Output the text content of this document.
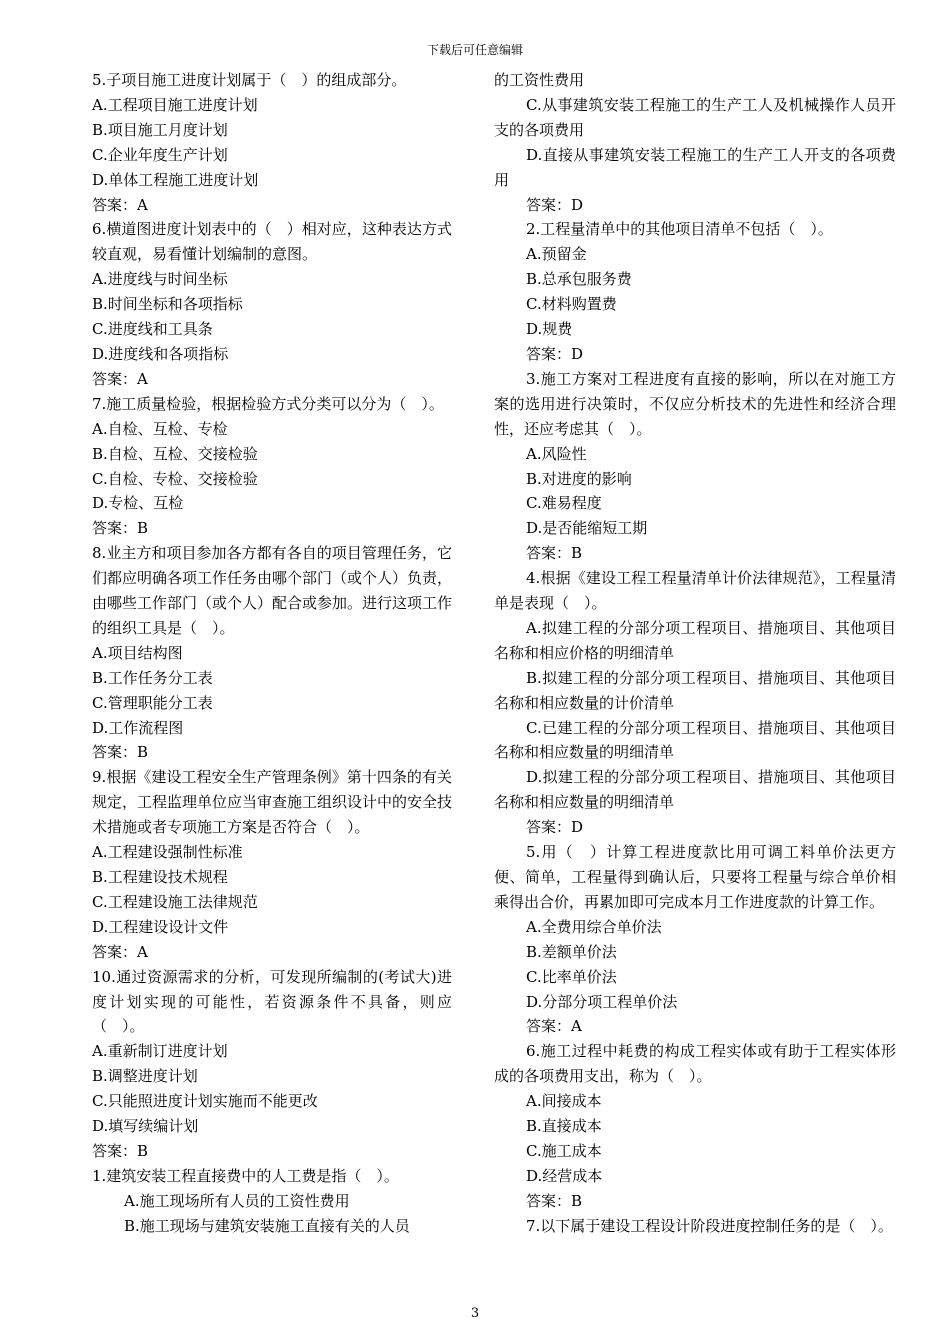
下载后可任意编辑

5.子项目施工进度计划属于（　）的组成部分。

A.工程项目施工进度计划

B.项目施工月度计划

C.企业年度生产计划

D.单体工程施工进度计划

答案：A

6.横道图进度计划表中的（　）相对应，这种表达方式较直观，易看懂计划编制的意图。

A.进度线与时间坐标

B.时间坐标和各项指标

C.进度线和工具条

D.进度线和各项指标

答案：A

7.施工质量检验，根据检验方式分类可以分为（　）。

A.自检、互检、专检

B.自检、互检、交接检验

C.自检、专检、交接检验

D.专检、互检

答案：B

8.业主方和项目参加各方都有各自的项目管理任务，它们都应明确各项工作任务由哪个部门（或个人）负责，由哪些工作部门（或个人）配合或参加。进行这项工作的组织工具是（　）。

A.项目结构图

B.工作任务分工表

C.管理职能分工表

D.工作流程图

答案：B

9.根据《建设工程安全生产管理条例》第十四条的有关规定，工程监理单位应当审查施工组织设计中的安全技术措施或者专项施工方案是否符合（　）。

A.工程建设强制性标准

B.工程建设技术规程

C.工程建设施工法律规范

D.工程建设设计文件

答案：A

10.通过资源需求的分析，可发现所编制的(考试大)进度计划实现的可能性，若资源条件不具备，则应（　）。

A.重新制订进度计划

B.调整进度计划

C.只能照进度计划实施而不能更改

D.填写续编计划

答案：B

1.建筑安装工程直接费中的人工费是指（　）。

A.施工现场所有人员的工资性费用

B.施工现场与建筑安装施工直接有关的人员

的工资性费用

C.从事建筑安装工程施工的生产工人及机械操作人员开支的各项费用

D.直接从事建筑安装工程施工的生产工人开支的各项费用

答案：D

2.工程量清单中的其他项目清单不包括（　）。

A.预留金

B.总承包服务费

C.材料购置费

D.规费

答案：D

3.施工方案对工程进度有直接的影响，所以在对施工方案的选用进行决策时，不仅应分析技术的先进性和经济合理性，还应考虑其（　）。

A.风险性

B.对进度的影响

C.难易程度

D.是否能缩短工期

答案：B

4.根据《建设工程工程量清单计价法律规范》，工程量清单是表现（　）。

A.拟建工程的分部分项工程项目、措施项目、其他项目名称和相应价格的明细清单

B.拟建工程的分部分项工程项目、措施项目、其他项目名称和相应数量的计价清单

C.已建工程的分部分项工程项目、措施项目、其他项目名称和相应数量的明细清单

D.拟建工程的分部分项工程项目、措施项目、其他项目名称和相应数量的明细清单

答案：D

5.用（　）计算工程进度款比用可调工料单价法更方便、简单，工程量得到确认后，只要将工程量与综合单价相乘得出合价，再累加即可完成本月工作进度款的计算工作。

A.全费用综合单价法

B.差额单价法

C.比率单价法

D.分部分项工程单价法

答案：A

6.施工过程中耗费的构成工程实体或有助于工程实体形成的各项费用支出，称为（　）。

A.间接成本

B.直接成本

C.施工成本

D.经营成本

答案：B

7.以下属于建设工程设计阶段进度控制任务的是（　）。

3
